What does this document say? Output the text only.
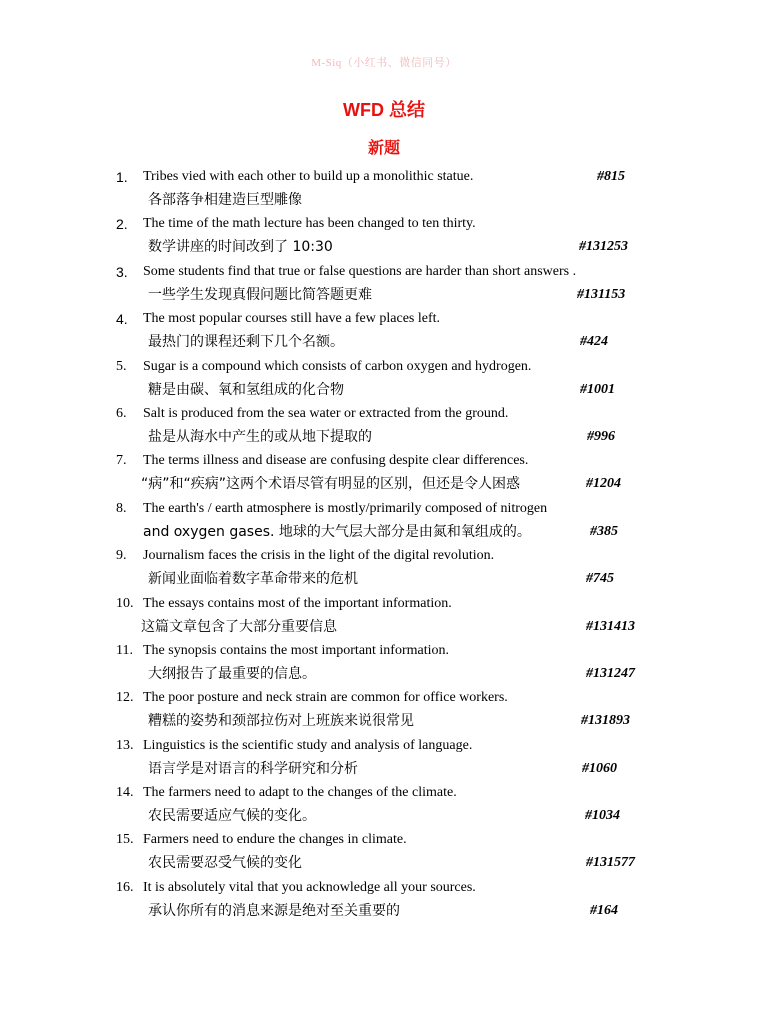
M-Siq（小红书、微信同号）
WFD 总结
新题
1. Tribes vied with each other to build up a monolithic statue.
各部落争相建造巨型雕像
#815
2. The time of the math lecture has been changed to ten thirty.
数学讲座的时间改到了 10:30	#131253
3. Some students find that true or false questions are harder than short answers .
一些学生发现真假问题比简答题更难	#131153
4. The most popular courses still have a few places left.
最热门的课程还剩下几个名额。	#424
5. Sugar is a compound which consists of carbon oxygen and hydrogen.
糖是由碳、氧和氢组成的化合物	#1001
6. Salt is produced from the sea water or extracted from the ground.
盐是从海水中产生的或从地下提取的	#996
7. The terms illness and disease are confusing despite clear differences.
“病”和“疾病”这两个术语尽管有明显的区别，但还是令人困惑	#1204
8. The earth's / earth atmosphere is mostly/primarily composed of nitrogen
and oxygen gases. 地球的大气层大部分是由氮和氧组成的。	#385
9. Journalism faces the crisis in the light of the digital revolution.
新闻业面临着数字革命带来的危机	#745
10. The essays contains most of the important information.
这篇文章包含了大部分重要信息	#131413
11. The synopsis contains the most important information.
大纲报告了最重要的信息。	#131247
12. The poor posture and neck strain are common for office workers.
糟糕的姿势和颈部拉伤对上班族来说很常见	#131893
13. Linguistics is the scientific study and analysis of language.
语言学是对语言的科学研究和分析	#1060
14. The farmers need to adapt to the changes of the climate.
农民需要适应气候的变化。	#1034
15. Farmers need to endure the changes in climate.
农民需要忍受气候的变化	#131577
16. It is absolutely vital that you acknowledge all your sources.
承认你所有的消息来源是绝对至关重要的	#164
